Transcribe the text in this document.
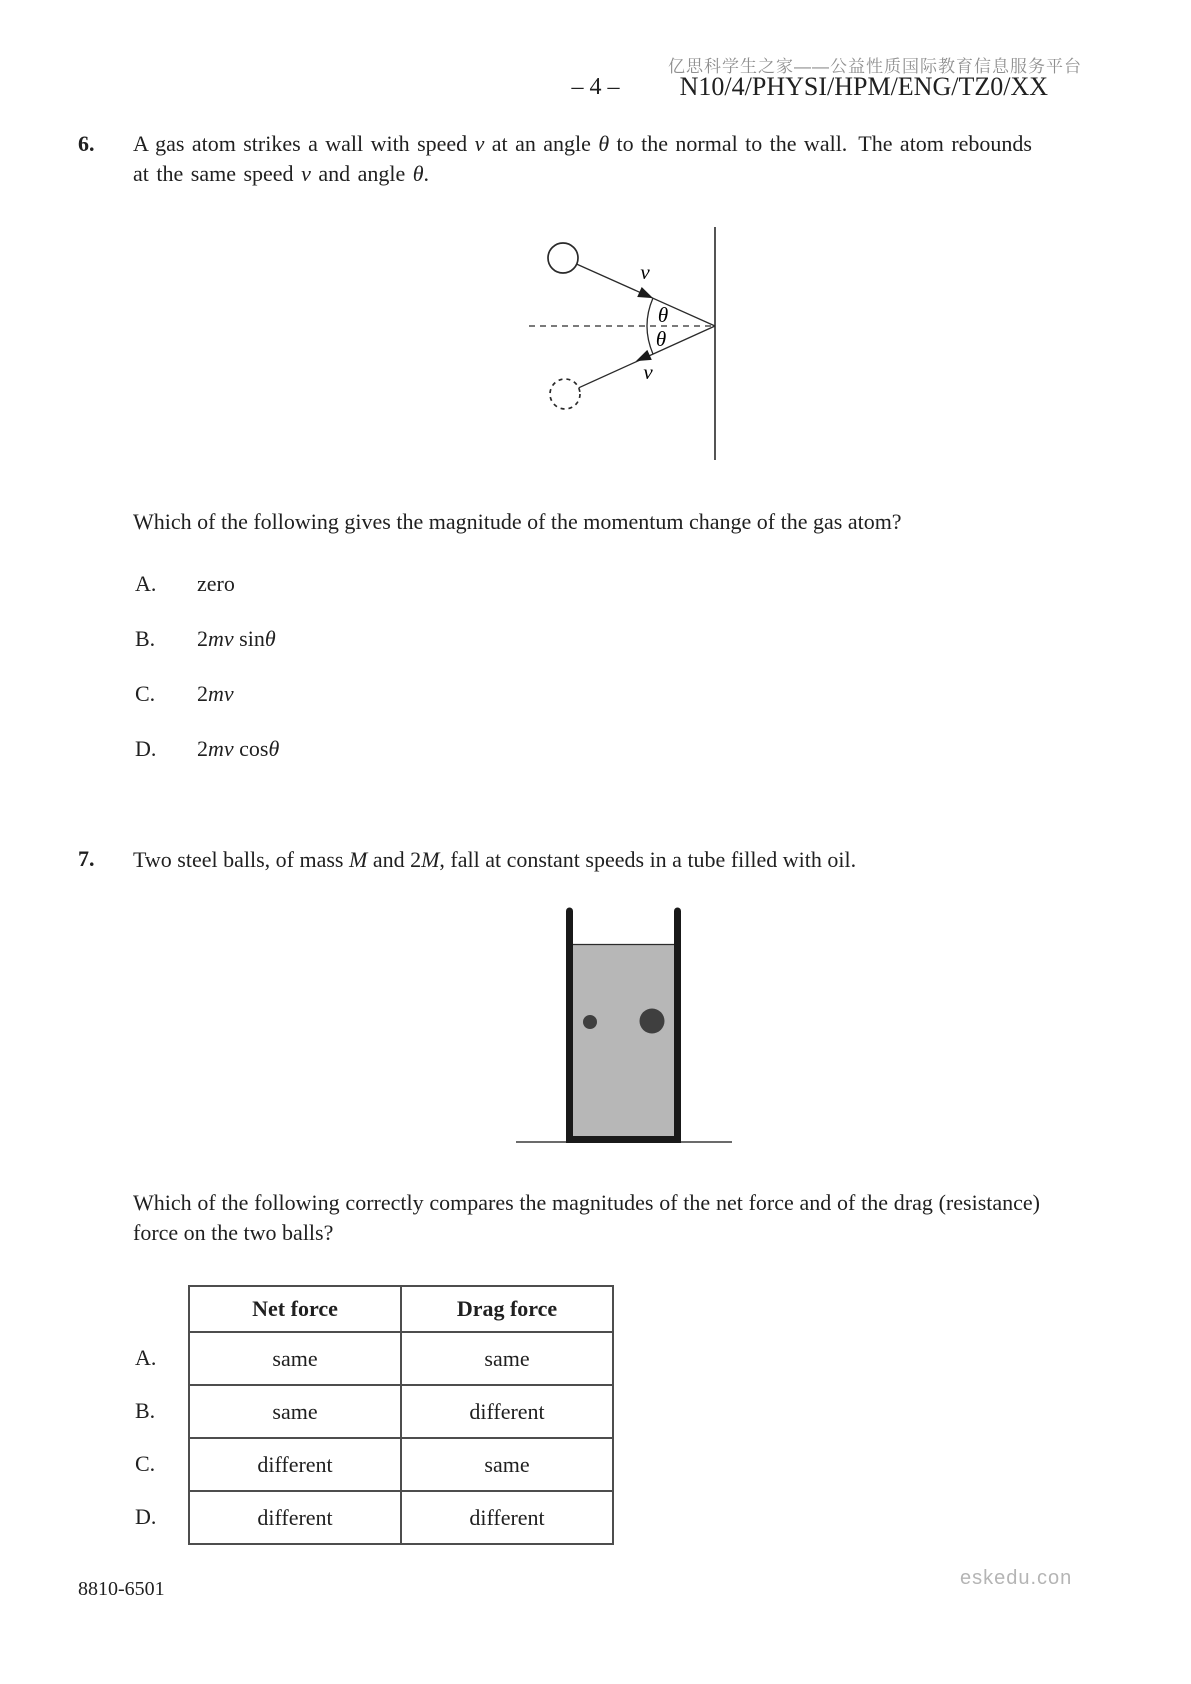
亿思科学生之家——公益性质国际教育信息服务平台
– 4 – N10/4/PHYSI/HPM/ENG/TZ0/XX
6. A gas atom strikes a wall with speed v at an angle θ to the normal to the wall. The atom rebounds
at the same speed v and angle θ.
v
v
θ
θ
Which of the following gives the magnitude of the momentum change of the gas atom?
A. zero
B. 2mv sinθ
C. 2mv
D. 2mv cosθ
7. Two steel balls, of mass M and 2M, fall at constant speeds in a tube filled with oil.
Which of the following correctly compares the magnitudes of the net force and of the drag (resistance)
force on the two balls?
A.
B.
C.
D.
Net force	Drag force
same	same
same	different
different	same
different	different
8810-6501	eskedu.con
